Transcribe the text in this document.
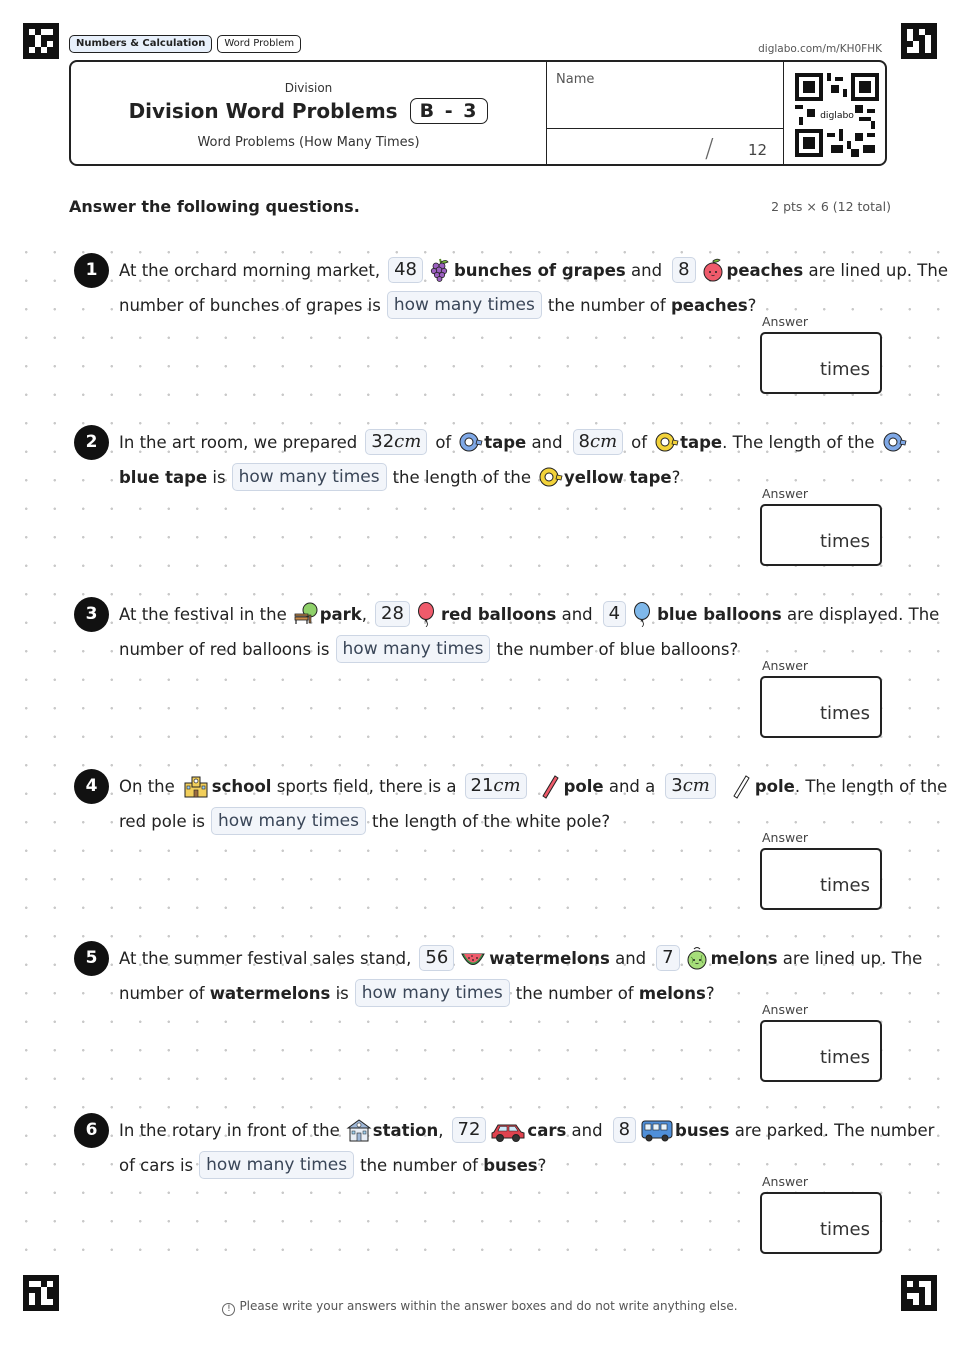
Numbers & Calculation	Word Problem	diglabo.com/m/KH0FHK
Division
Division Word Problems	B - 3
Word Problems (How Many Times)
Name
/ 12
diglabo
Answer the following questions.	2 pts × 6 (12 total)
1	At the orchard morning market, 48	bunches of grapes
and 8	peaches
are lined up. The
number of bunches of grapes is how many times the number of
peaches ?
Answer
times
2	In the art room, we prepared 32cm of tape
and 8cm of tape . The length of the
blue tape
is how many times the length of the yellow tape ?
Answer
times
3	At the festival in the park , 28	red balloons
and 4	blue balloons
are displayed. The
number of red balloons is how many times the number of blue balloons?
Answer
times
4	On the school
sports field, there is a 21cm	pole
and a 3cm	pole . The length of the
red pole is how many times the length of the white pole?
Answer
times
5	At the summer festival sales stand, 56	watermelons
and 7	melons
are lined up. The
number of
watermelons
is how many times the number of
melons ?
Answer
times
6	In the rotary in front of the station , 72	cars
and 8	buses
are parked. The number
of cars is how many times the number of
buses ?
Answer
times
! Please write your answers within the answer boxes and do not write anything else.
